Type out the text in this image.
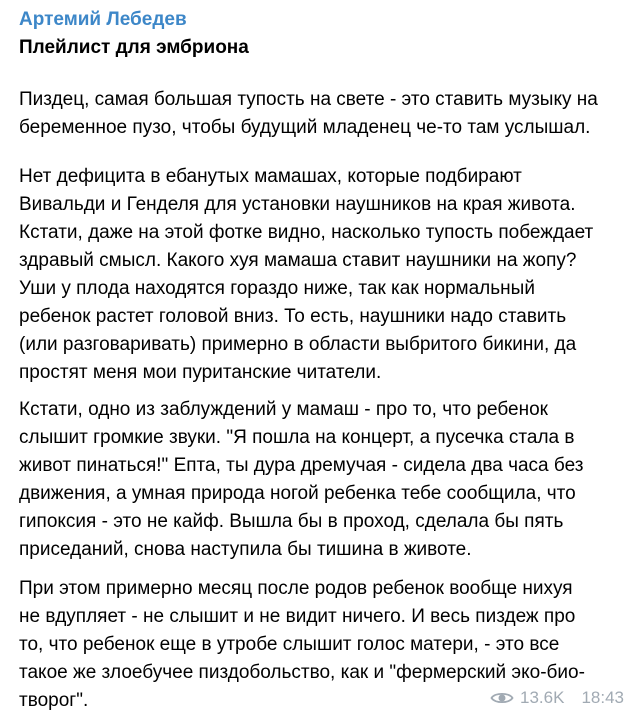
Артемий Лебедев
Плейлист для эмбриона
Пиздец, самая большая тупость на свете - это ставить музыку на
беременное пузо, чтобы будущий младенец че-то там услышал.
Нет дефицита в ебанутых мамашах, которые подбирают
Вивальди и Генделя для установки наушников на края живота.
Кстати, даже на этой фотке видно, насколько тупость побеждает
здравый смысл. Какого хуя мамаша ставит наушники на жопу?
Уши у плода находятся гораздо ниже, так как нормальный
ребенок растет головой вниз. То есть, наушники надо ставить
(или разговаривать) примерно в области выбритого бикини, да
простят меня мои пуританские читатели.
Кстати, одно из заблуждений у мамаш - про то, что ребенок
слышит громкие звуки. "Я пошла на концерт, а пусечка стала в
живот пинаться!" Епта, ты дура дремучая - сидела два часа без
движения, а умная природа ногой ребенка тебе сообщила, что
гипоксия - это не кайф. Вышла бы в проход, сделала бы пять
приседаний, снова наступила бы тишина в животе.
При этом примерно месяц после родов ребенок вообще нихуя
не вдупляет - не слышит и не видит ничего. И весь пиздеж про
то, что ребенок еще в утробе слышит голос матери, - это все
такое же злоебучее пиздобольство, как и "фермерский эко-био-
творог".	13.6K 18:43
